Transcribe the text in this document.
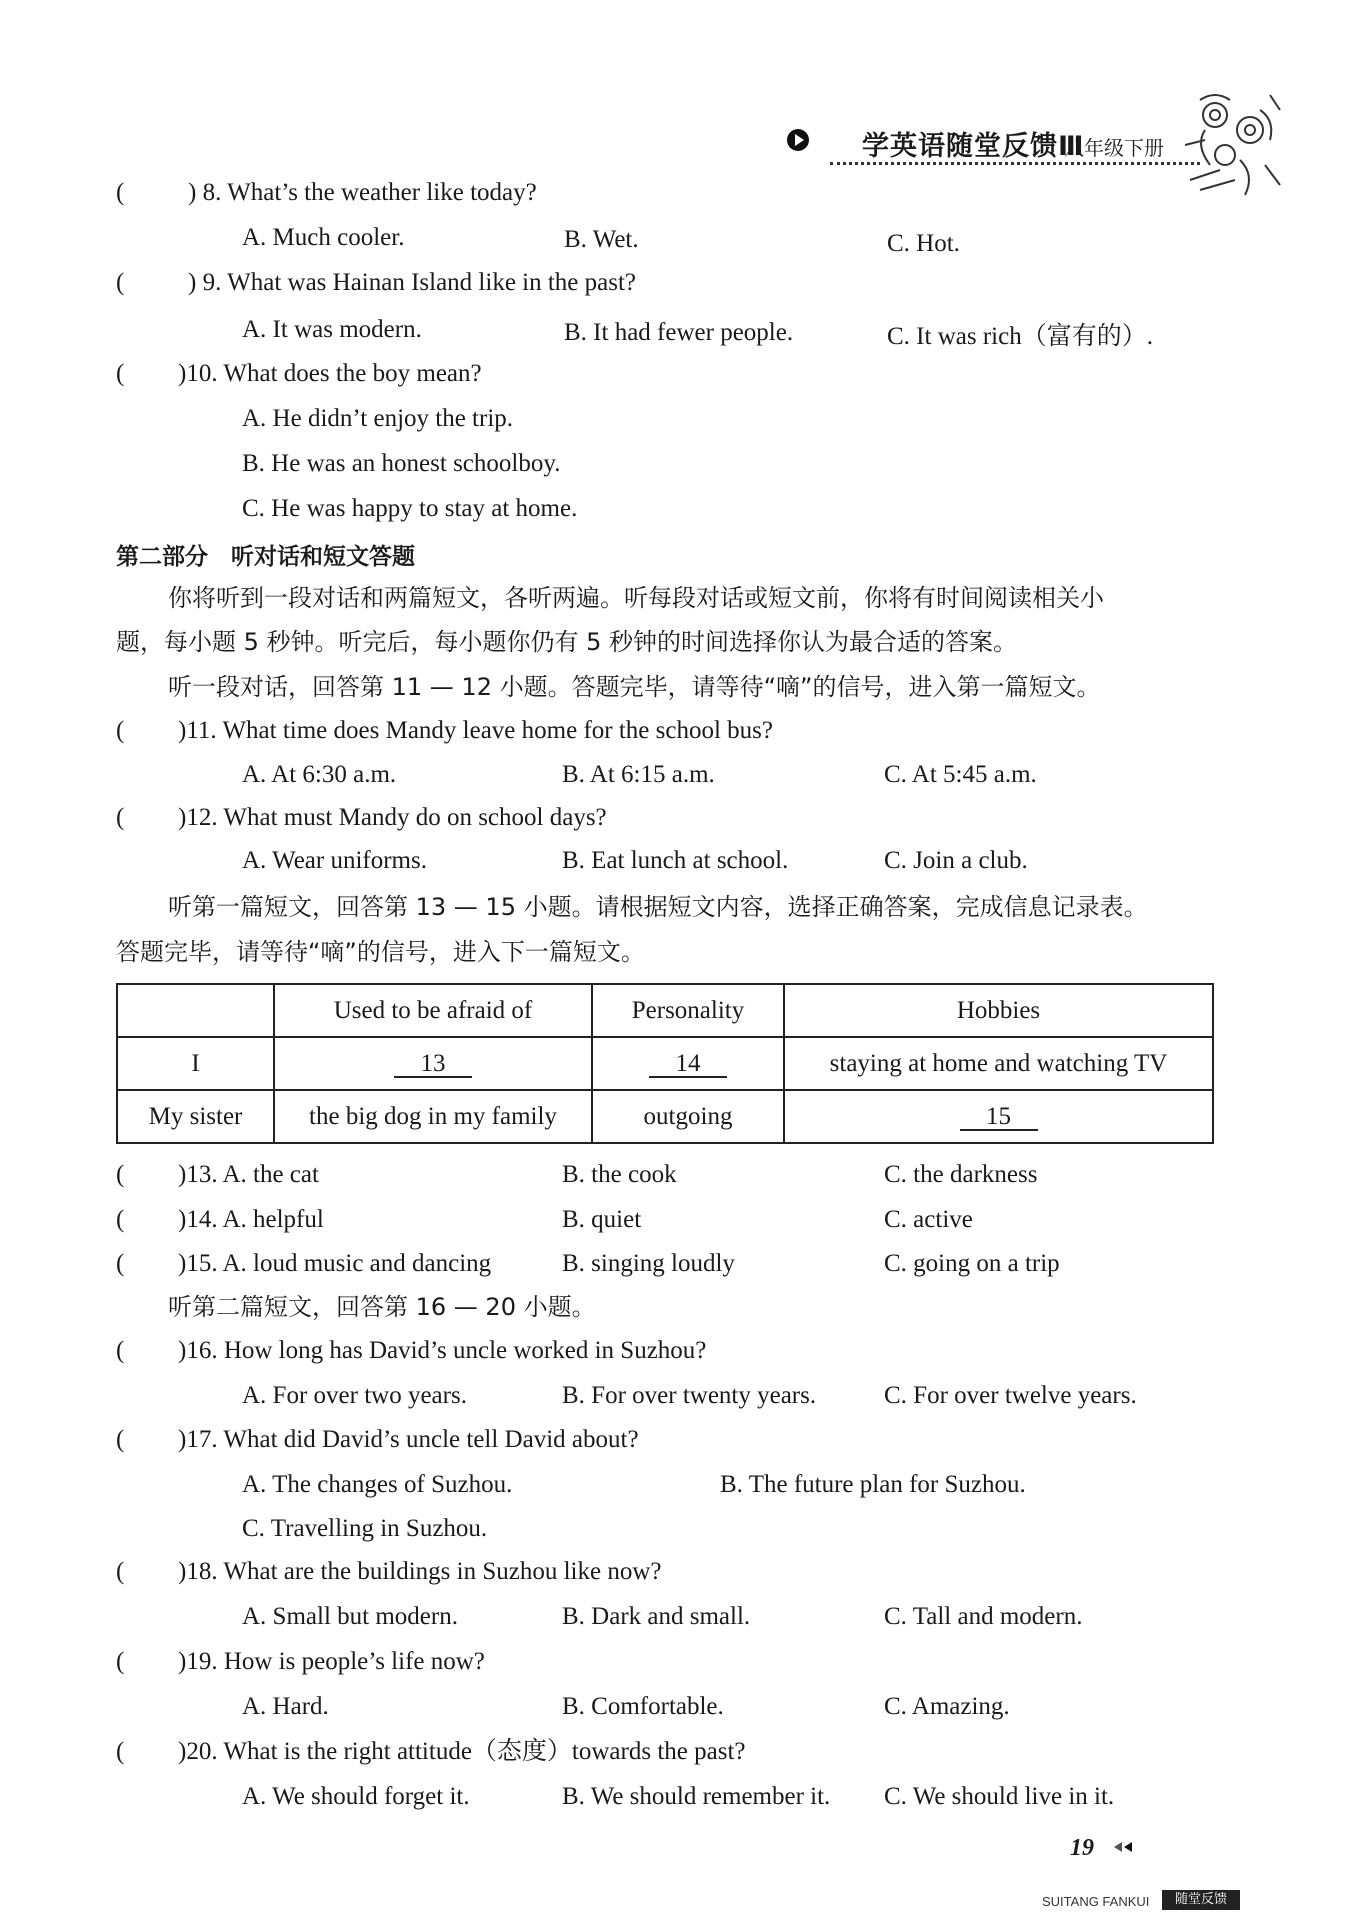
学英语随堂反馈Ⅲ
八年级下册
(	) 8. What’s the weather like today?
A. Much cooler.	B. Wet.	C. Hot.
(	) 9. What was Hainan Island like in the past?
A. It was modern.	B. It had fewer people.	C. It was rich（富有的）.
( )10. What does the boy mean?
A. He didn’t enjoy the trip.
B. He was an honest schoolboy.
C. He was happy to stay at home.
第二部分　听对话和短文答题
你将听到一段对话和两篇短文，各听两遍。听每段对话或短文前，你将有时间阅读相关小
题，每小题 5 秒钟。听完后，每小题你仍有 5 秒钟的时间选择你认为最合适的答案。
听一段对话，回答第 11 — 12 小题。答题完毕，请等待“嘀”的信号，进入第一篇短文。
( )11. What time does Mandy leave home for the school bus?
A. At 6:30 a.m.	B. At 6:15 a.m.	C. At 5:45 a.m.
( )12. What must Mandy do on school days?
A. Wear uniforms.	B. Eat lunch at school.	C. Join a club.
听第一篇短文，回答第 13 — 15 小题。请根据短文内容，选择正确答案，完成信息记录表。
答题完毕，请等待“嘀”的信号，进入下一篇短文。
	Used to be afraid of	Personality	Hobbies
I	13	14	staying at home and watching TV
My sister	the big dog in my family	outgoing	15
( )13. A. the cat	B. the cook	C. the darkness
( )14. A. helpful	B. quiet	C. active
( )15. A. loud music and dancing	B. singing loudly	C. going on a trip
听第二篇短文，回答第 16 — 20 小题。
( )16. How long has David’s uncle worked in Suzhou?
A. For over two years.	B. For over twenty years.	C. For over twelve years.
( )17. What did David’s uncle tell David about?
A. The changes of Suzhou.	B. The future plan for Suzhou.
C. Travelling in Suzhou.
( )18. What are the buildings in Suzhou like now?
A. Small but modern.	B. Dark and small.	C. Tall and modern.
( )19. How is people’s life now?
A. Hard.	B. Comfortable.	C. Amazing.
( )20. What is the right attitude（态度）towards the past?
A. We should forget it.	B. We should remember it. C. We should live in it.
19
SUITANG FANKUI	随堂反馈
